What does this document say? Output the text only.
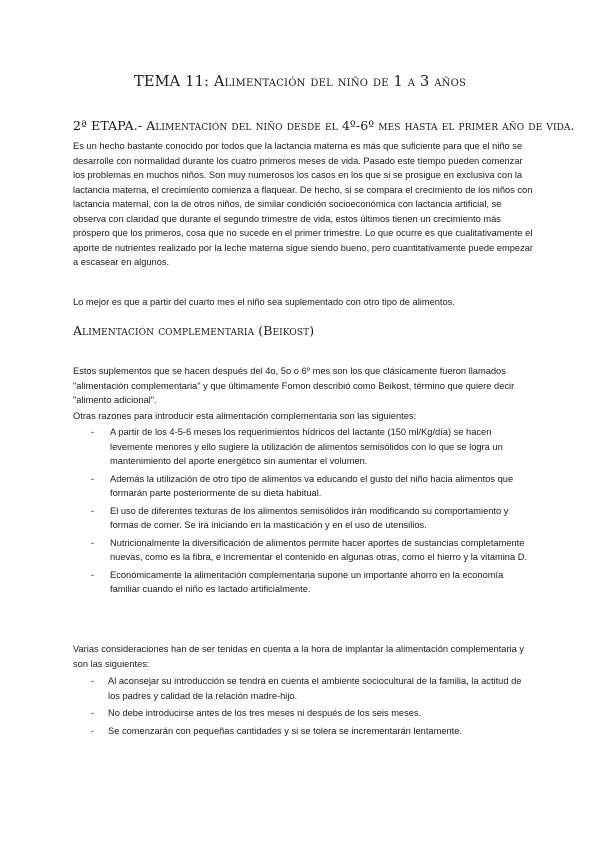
TEMA 11: Alimentación del niño de 1 a 3 años
2ª ETAPA.- Alimentación del niño desde el 4º-6º mes hasta el primer año de vida.

Es un hecho bastante conocido por todos que la lactancia materna es más que suficiente para que el niño se desarrolle con normalidad durante los cuatro primeros meses de vida. Pasado este tiempo pueden comenzar los problemas en muchos niños. Son muy numerosos los casos en los que si se prosigue en exclusiva con la lactancia materna, el crecimiento comienza a flaquear. De hecho, si se compara el crecimiento de los niños con lactancia maternal, con la de otros niños, de similar condición socioeconómica con lactancia artificial, se observa con claridad que durante el segundo trimestre de vida, estos últimos tienen un crecimiento más próspero que los primeros, cosa que no sucede en el primer trimestre. Lo que ocurre es que cualitativamente el aporte de nutrientes realizado por la leche materna sigue siendo bueno, pero cuantitativamente puede empezar a escasear en algunos.

Lo mejor es que a partir del cuarto mes el niño sea suplementado con otro tipo de alimentos.

Alimentación complementaria (Beikost)

Estos suplementos que se hacen después del 4o, 5o o 6º mes son los que clásicamente fueron llamados "alimentación complementaria" y que últimamente Fomon describió como Beikost, término que quiere decir "alimento adicional".

Otras razones para introducir esta alimentación complementaria son las siguientes:

- A partir de los 4-5-6 meses los requerimientos hídricos del lactante (150 ml/Kg/día) se hacen levemente menores y ello sugiere la utilización de alimentos semisólidos con lo que se logra un mantenimiento del aporte energético sin aumentar el volumen.
- Además la utilización de otro tipo de alimentos va educando el gusto del niño hacia alimentos que formarán parte posteriormente de su dieta habitual.
- El uso de diferentes texturas de los alimentos semisólidos irán modificando su comportamiento y formas de comer. Se irá iniciando en la masticación y en el uso de utensilios.
- Nutricionalmente la diversificación de alimentos permite hacer aportes de sustancias completamente nuevas, como es la fibra, e incrementar el contenido en algunas otras, como el hierro y la vitamina D.
- Económicamente la alimentación complementaria supone un importante ahorro en la economía familiar cuando el niño es lactado artificialmente.

Varias consideraciones han de ser tenidas en cuenta a la hora de implantar la alimentación complementaria y son las siguientes:

- Al aconsejar su introducción se tendrá en cuenta el ambiente sociocultural de la familia, la actitud de los padres y calidad de la relación madre-hijo.
- No debe introducirse antes de los tres meses ni después de los seis meses.
- Se comenzarán con pequeñas cantidades y si se tolera se incrementarán lentamente.
